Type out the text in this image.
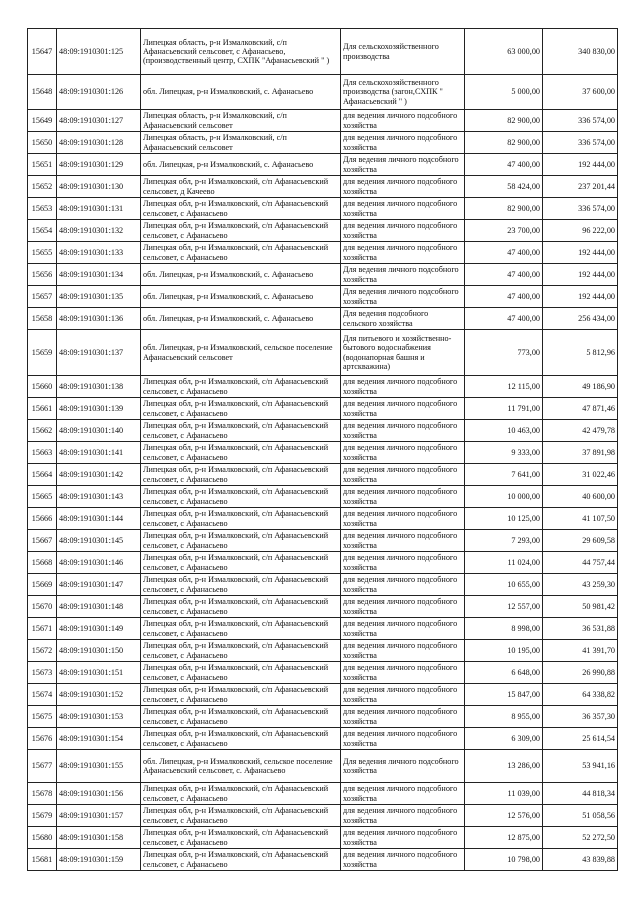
15647	48:09:1910301:125	Липецкая область, р-н Измалковский, с/п Афанасьевский сельсовет, с Афанасьево, (производственный центр, СХПК "Афанасьевский " )	Для сельскохозяйственного производства	63 000,00	340 830,00
15648	48:09:1910301:126	обл. Липецкая, р-н Измалковский, с. Афанасьево	Для сельскохозяйственного производства (загон,СХПК " Афанасьевский " )	5 000,00	37 600,00
15649	48:09:1910301:127	Липецкая область, р-н Измалковский, с/п Афанасьевский сельсовет	для ведения личного подсобного хозяйства	82 900,00	336 574,00
15650	48:09:1910301:128	Липецкая область, р-н Измалковский, с/п Афанасьевский сельсовет	для ведения личного подсобного хозяйства	82 900,00	336 574,00
15651	48:09:1910301:129	обл. Липецкая, р-н Измалковский, с. Афанасьево	Для ведения личного подсобного хозяйства	47 400,00	192 444,00
15652	48:09:1910301:130	Липецкая обл, р-н Измалковский, с/п Афанасьевский сельсовет, д Качеево	для ведения личного подсобного хозяйства	58 424,00	237 201,44
15653	48:09:1910301:131	Липецкая обл, р-н Измалковский, с/п Афанасьевский сельсовет, с Афанасьево	для ведения личного подсобного хозяйства	82 900,00	336 574,00
15654	48:09:1910301:132	Липецкая обл, р-н Измалковский, с/п Афанасьевский сельсовет, с Афанасьево	для ведения личного подсобного хозяйства	23 700,00	96 222,00
15655	48:09:1910301:133	Липецкая обл, р-н Измалковский, с/п Афанасьевский сельсовет, с Афанасьево	для ведения личного подсобного хозяйства	47 400,00	192 444,00
15656	48:09:1910301:134	обл. Липецкая, р-н Измалковский, с. Афанасьево	Для ведения личного подсобного хозяйства	47 400,00	192 444,00
15657	48:09:1910301:135	обл. Липецкая, р-н Измалковский, с. Афанасьево	Для ведения личного подсобного хозяйства	47 400,00	192 444,00
15658	48:09:1910301:136	обл. Липецкая, р-н Измалковский, с. Афанасьево	Для ведения подсобного сельского хозяйства	47 400,00	256 434,00
15659	48:09:1910301:137	обл. Липецкая, р-н Измалковский, сельское поселение Афанасьевский сельсовет	Для питьевого и хозяйственно-бытового водоснабжения (водонапорная башня и артскважина)	773,00	5 812,96
15660	48:09:1910301:138	Липецкая обл, р-н Измалковский, с/п Афанасьевский сельсовет, с Афанасьево	для ведения личного подсобного хозяйства	12 115,00	49 186,90
15661	48:09:1910301:139	Липецкая обл, р-н Измалковский, с/п Афанасьевский сельсовет, с Афанасьево	для ведения личного подсобного хозяйства	11 791,00	47 871,46
15662	48:09:1910301:140	Липецкая обл, р-н Измалковский, с/п Афанасьевский сельсовет, с Афанасьево	для ведения личного подсобного хозяйства	10 463,00	42 479,78
15663	48:09:1910301:141	Липецкая обл, р-н Измалковский, с/п Афанасьевский сельсовет, с Афанасьево	для ведения личного подсобного хозяйства	9 333,00	37 891,98
15664	48:09:1910301:142	Липецкая обл, р-н Измалковский, с/п Афанасьевский сельсовет, с Афанасьево	для ведения личного подсобного хозяйства	7 641,00	31 022,46
15665	48:09:1910301:143	Липецкая обл, р-н Измалковский, с/п Афанасьевский сельсовет, с Афанасьево	для ведения личного подсобного хозяйства	10 000,00	40 600,00
15666	48:09:1910301:144	Липецкая обл, р-н Измалковский, с/п Афанасьевский сельсовет, с Афанасьево	для ведения личного подсобного хозяйства	10 125,00	41 107,50
15667	48:09:1910301:145	Липецкая обл, р-н Измалковский, с/п Афанасьевский сельсовет, с Афанасьево	для ведения личного подсобного хозяйства	7 293,00	29 609,58
15668	48:09:1910301:146	Липецкая обл, р-н Измалковский, с/п Афанасьевский сельсовет, с Афанасьево	для ведения личного подсобного хозяйства	11 024,00	44 757,44
15669	48:09:1910301:147	Липецкая обл, р-н Измалковский, с/п Афанасьевский сельсовет, с Афанасьево	для ведения личного подсобного хозяйства	10 655,00	43 259,30
15670	48:09:1910301:148	Липецкая обл, р-н Измалковский, с/п Афанасьевский сельсовет, с Афанасьево	для ведения личного подсобного хозяйства	12 557,00	50 981,42
15671	48:09:1910301:149	Липецкая обл, р-н Измалковский, с/п Афанасьевский сельсовет, с Афанасьево	для ведения личного подсобного хозяйства	8 998,00	36 531,88
15672	48:09:1910301:150	Липецкая обл, р-н Измалковский, с/п Афанасьевский сельсовет, с Афанасьево	для ведения личного подсобного хозяйства	10 195,00	41 391,70
15673	48:09:1910301:151	Липецкая обл, р-н Измалковский, с/п Афанасьевский сельсовет, с Афанасьево	для ведения личного подсобного хозяйства	6 648,00	26 990,88
15674	48:09:1910301:152	Липецкая обл, р-н Измалковский, с/п Афанасьевский сельсовет, с Афанасьево	для ведения личного подсобного хозяйства	15 847,00	64 338,82
15675	48:09:1910301:153	Липецкая обл, р-н Измалковский, с/п Афанасьевский сельсовет, с Афанасьево	для ведения личного подсобного хозяйства	8 955,00	36 357,30
15676	48:09:1910301:154	Липецкая обл, р-н Измалковский, с/п Афанасьевский сельсовет, с Афанасьево	для ведения личного подсобного хозяйства	6 309,00	25 614,54
15677	48:09:1910301:155	обл. Липецкая, р-н Измалковский, сельское поселение Афанасьевский сельсовет, с. Афанасьево	Для ведения личного подсобного хозяйства	13 286,00	53 941,16
15678	48:09:1910301:156	Липецкая обл, р-н Измалковский, с/п Афанасьевский сельсовет, с Афанасьево	для ведения личного подсобного хозяйства	11 039,00	44 818,34
15679	48:09:1910301:157	Липецкая обл, р-н Измалковский, с/п Афанасьевский сельсовет, с Афанасьево	для ведения личного подсобного хозяйства	12 576,00	51 058,56
15680	48:09:1910301:158	Липецкая обл, р-н Измалковский, с/п Афанасьевский сельсовет, с Афанасьево	для ведения личного подсобного хозяйства	12 875,00	52 272,50
15681	48:09:1910301:159	Липецкая обл, р-н Измалковский, с/п Афанасьевский сельсовет, с Афанасьево	для ведения личного подсобного хозяйства	10 798,00	43 839,88
